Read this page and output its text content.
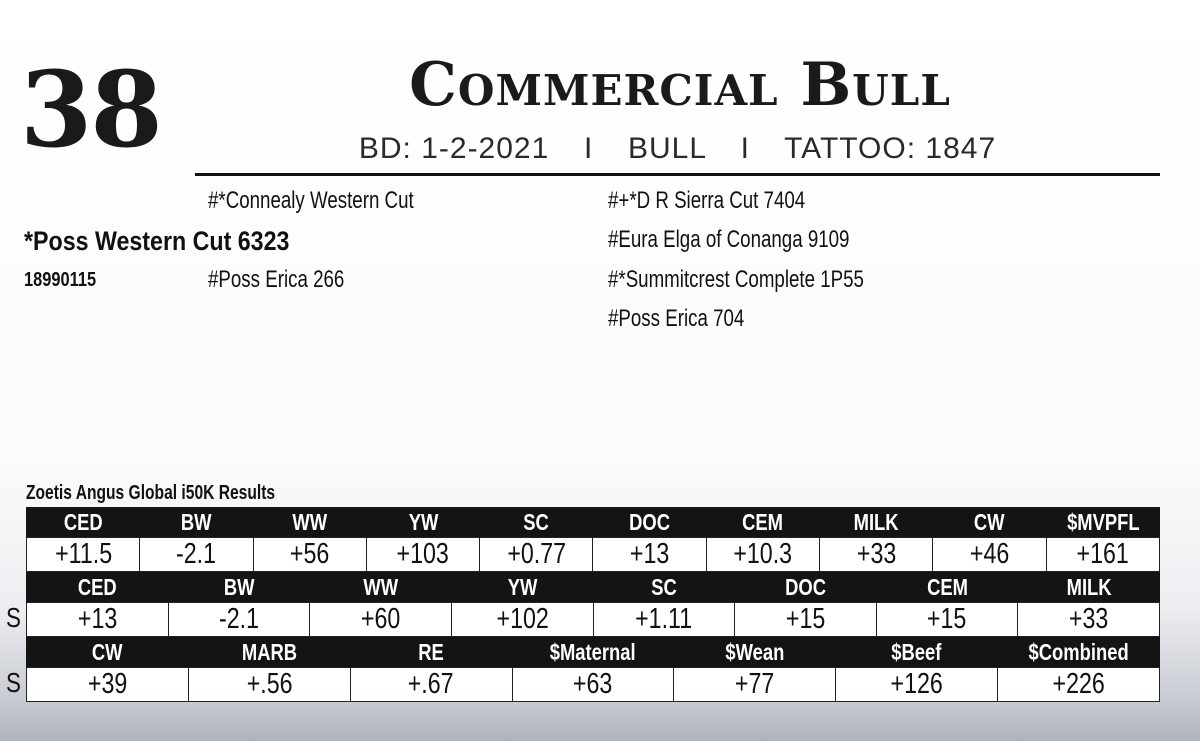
38	Commercial Bull
BD: 1-2-2021 I BULL I TATTOO: 1847
#*Connealy Western Cut
*Poss Western Cut 6323
18990115	#Poss Erica 266
#+*D R Sierra Cut 7404
#Eura Elga of Conanga 9109
#*Summitcrest Complete 1P55
#Poss Erica 704
Zoetis Angus Global i50K Results
CED	BW	WW	YW	SC	DOC	CEM	MILK	CW	$MVPFL
+11.5	-2.1	+56	+103	+0.77	+13	+10.3	+33	+46	+161
S
CED	BW	WW	YW	SC	DOC	CEM	MILK
+13	-2.1	+60	+102	+1.11	+15	+15	+33
S
CW	MARB	RE	$Maternal	$Wean	$Beef	$Combined
+39	+.56	+.67	+63	+77	+126	+226
